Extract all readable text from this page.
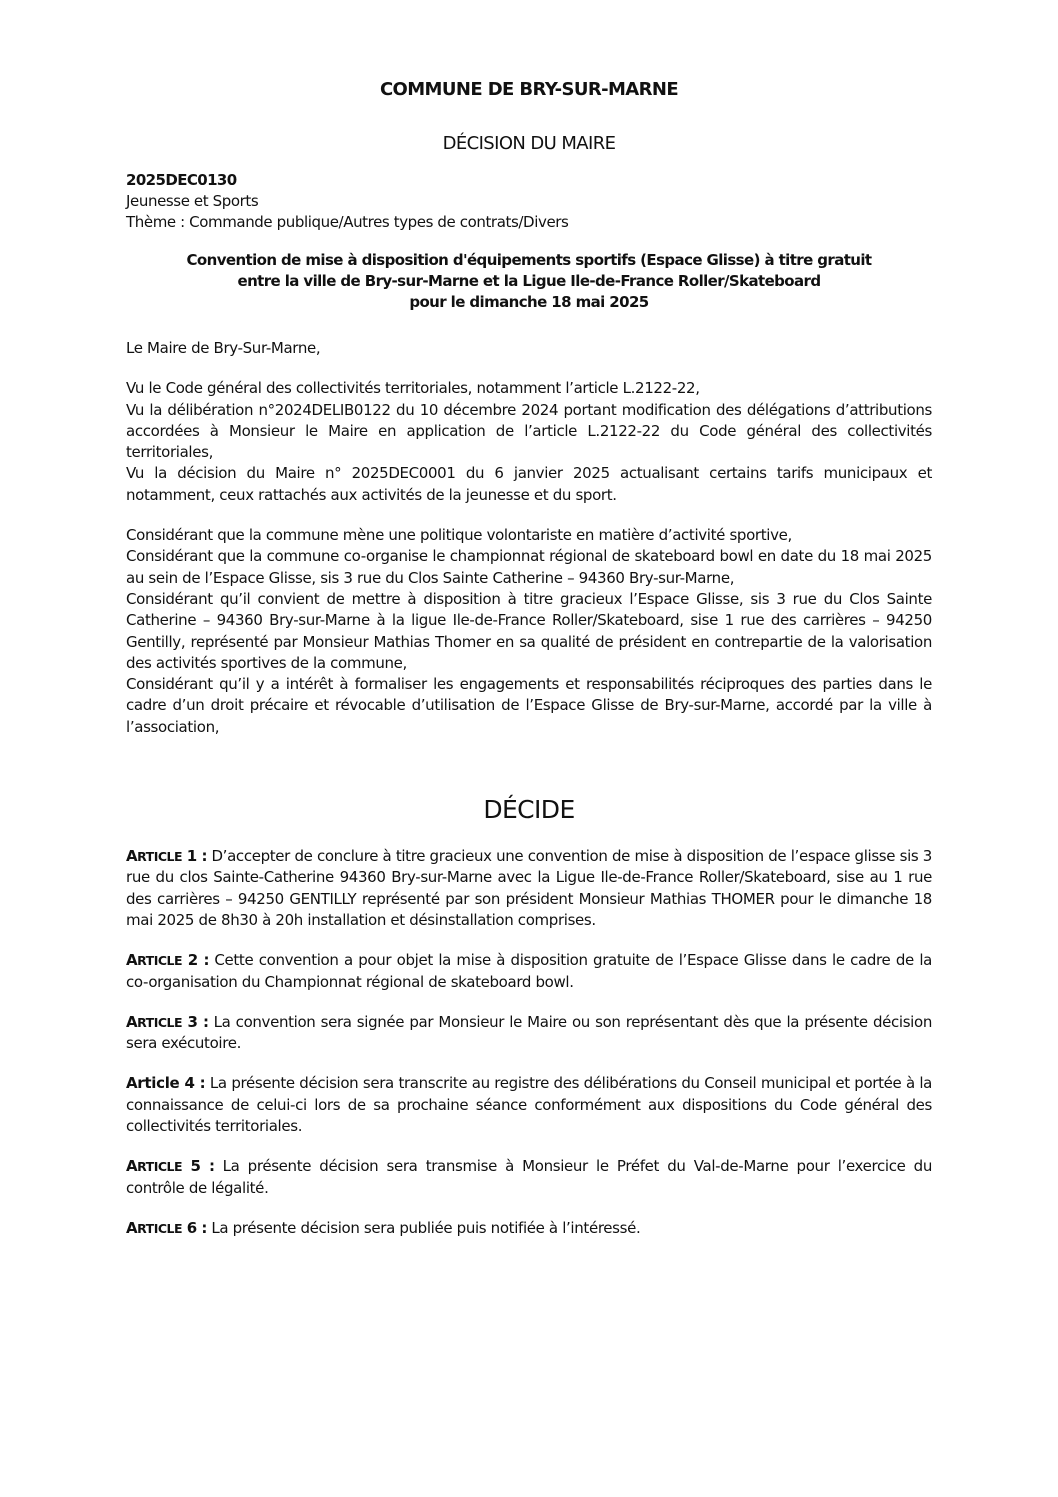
COMMUNE DE BRY-SUR-MARNE
DÉCISION DU MAIRE
2025DEC0130
Jeunesse et Sports
Thème : Commande publique/Autres types de contrats/Divers
Convention de mise à disposition d'équipements sportifs (Espace Glisse) à titre gratuit
entre la ville de Bry-sur-Marne et la Ligue Ile-de-France Roller/Skateboard
pour le dimanche 18 mai 2025

Le Maire de Bry-Sur-Marne,

Vu le Code général des collectivités territoriales, notamment l’article L.2122-22,

Vu la délibération n°2024DELIB0122 du 10 décembre 2024 portant modification des délégations d’attributions accordées à Monsieur le Maire en application de l’article L.2122-22 du Code général des collectivités territoriales,

Vu la décision du Maire n° 2025DEC0001 du 6 janvier 2025 actualisant certains tarifs municipaux et notamment, ceux rattachés aux activités de la jeunesse et du sport.

Considérant que la commune mène une politique volontariste en matière d’activité sportive,

Considérant que la commune co-organise le championnat régional de skateboard bowl en date du 18 mai 2025 au sein de l’Espace Glisse, sis 3 rue du Clos Sainte Catherine – 94360 Bry-sur-Marne,

Considérant qu’il convient de mettre à disposition à titre gracieux l’Espace Glisse, sis 3 rue du Clos Sainte Catherine – 94360 Bry-sur-Marne à la ligue Ile-de-France Roller/Skateboard, sise 1 rue des carrières – 94250 Gentilly, représenté par Monsieur Mathias Thomer en sa qualité de président en contrepartie de la valorisation des activités sportives de la commune,

Considérant qu’il y a intérêt à formaliser les engagements et responsabilités réciproques des parties dans le cadre d’un droit précaire et révocable d’utilisation de l’Espace Glisse de Bry-sur-Marne, accordé par la ville à l’association,

DÉCIDE

ARTICLE 1 : D’accepter de conclure à titre gracieux une convention de mise à disposition de l’espace glisse sis 3 rue du clos Sainte-Catherine 94360 Bry-sur-Marne avec la Ligue Ile-de-France Roller/Skateboard, sise au 1 rue des carrières – 94250 GENTILLY représenté par son président Monsieur Mathias THOMER pour le dimanche 18 mai 2025 de 8h30 à 20h installation et désinstallation comprises.

ARTICLE 2 : Cette convention a pour objet la mise à disposition gratuite de l’Espace Glisse dans le cadre de la co-organisation du Championnat régional de skateboard bowl.

ARTICLE 3 : La convention sera signée par Monsieur le Maire ou son représentant dès que la présente décision sera exécutoire.

Article 4 : La présente décision sera transcrite au registre des délibérations du Conseil municipal et portée à la connaissance de celui-ci lors de sa prochaine séance conformément aux dispositions du Code général des collectivités territoriales.

ARTICLE 5 : La présente décision sera transmise à Monsieur le Préfet du Val-de-Marne pour l’exercice du contrôle de légalité.

ARTICLE 6 : La présente décision sera publiée puis notifiée à l’intéressé.
